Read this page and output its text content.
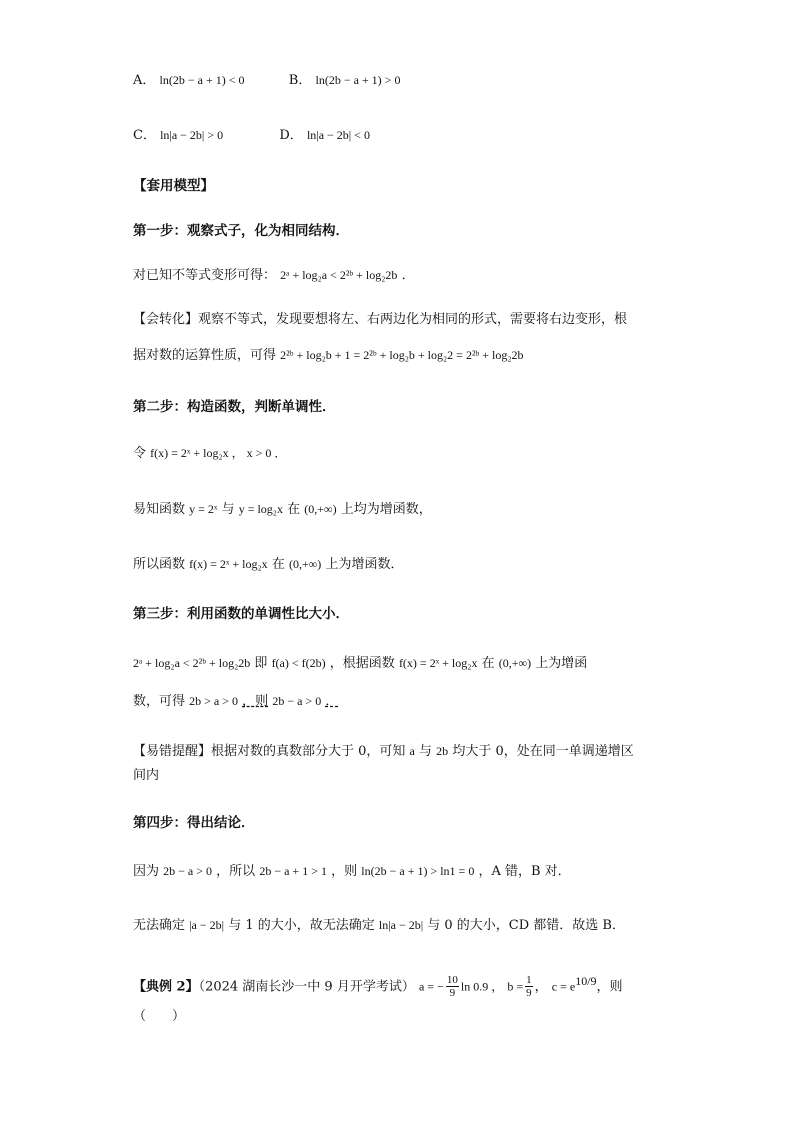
A． ln(2b − a + 1) < 0	B． ln(2b − a + 1) > 0
C． ln|a − 2b| > 0	D． ln|a − 2b| < 0
【套用模型】
第一步：观察式子，化为相同结构．
对已知不等式变形可得： 2ᵃ + log₂a < 2²ᵇ + log₂2b ．
【会转化】观察不等式，发现要想将左、右两边化为相同的形式，需要将右边变形，根
据对数的运算性质，可得 2²ᵇ + log₂b + 1 = 2²ᵇ + log₂b + log₂2 = 2²ᵇ + log₂2b
第二步：构造函数，判断单调性．
令 f(x) = 2ˣ + log₂x ， x > 0 ．
易知函数 y = 2ˣ 与 y = log₂x 在 (0,+∞) 上均为增函数，
所以函数 f(x) = 2ˣ + log₂x 在 (0,+∞) 上为增函数．
第三步：利用函数的单调性比大小．
2ᵃ + log₂a < 2²ᵇ + log₂2b 即 f(a) < f(2b) ，根据函数 f(x) = 2ˣ + log₂x 在 (0,+∞) 上为增函
数，可得 2b > a > 0 ，则 2b − a > 0 ．
【易错提醒】根据对数的真数部分大于 0，可知 a 与 2b 均大于 0，处在同一单调递增区
间内
第四步：得出结论．
因为 2b − a > 0 ，所以 2b − a + 1 > 1 ，则 ln(2b − a + 1) > ln1 = 0 ，A 错，B 对．
无法确定 |a − 2b| 与 1 的大小，故无法确定 ln|a − 2b| 与 0 的大小，CD 都错．故选 B．
【典例 2】（2024 湖南长沙一中 9 月开学考试） a = − $\frac{10}{9}$ ln 0.9 ， $b = \frac{1}{9}$ ， $c = e^{10/9}$，则
（　　）
